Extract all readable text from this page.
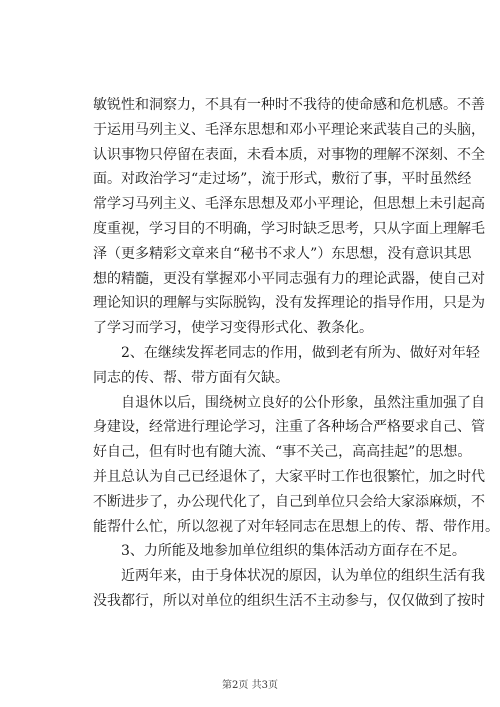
敏锐性和洞察力，不具有一种时不我待的使命感和危机感。不善
于运用马列主义、毛泽东思想和邓小平理论来武装自己的头脑，
认识事物只停留在表面，未看本质，对事物的理解不深刻、不全
面。对政治学习“走过场”，流于形式，敷衍了事，平时虽然经
常学习马列主义、毛泽东思想及邓小平理论，但思想上未引起高
度重视，学习目的不明确，学习时缺乏思考，只从字面上理解毛
泽（更多精彩文章来自“秘书不求人”）东思想，没有意识其思
想的精髓，更没有掌握邓小平同志强有力的理论武器，使自己对
理论知识的理解与实际脱钩，没有发挥理论的指导作用，只是为
了学习而学习，使学习变得形式化、教条化。
　　2、在继续发挥老同志的作用，做到老有所为、做好对年轻
同志的传、帮、带方面有欠缺。
　　自退休以后，围绕树立良好的公仆形象，虽然注重加强了自
身建设，经常进行理论学习，注重了各种场合严格要求自己、管
好自己，但有时也有随大流、“事不关己，高高挂起”的思想。
并且总认为自己已经退休了，大家平时工作也很繁忙，加之时代
不断进步了，办公现代化了，自己到单位只会给大家添麻烦，不
能帮什么忙，所以忽视了对年轻同志在思想上的传、帮、带作用。
　　3、力所能及地参加单位组织的集体活动方面存在不足。
　　近两年来，由于身体状况的原因，认为单位的组织生活有我
没我都行，所以对单位的组织生活不主动参与，仅仅做到了按时
第2页 共3页
